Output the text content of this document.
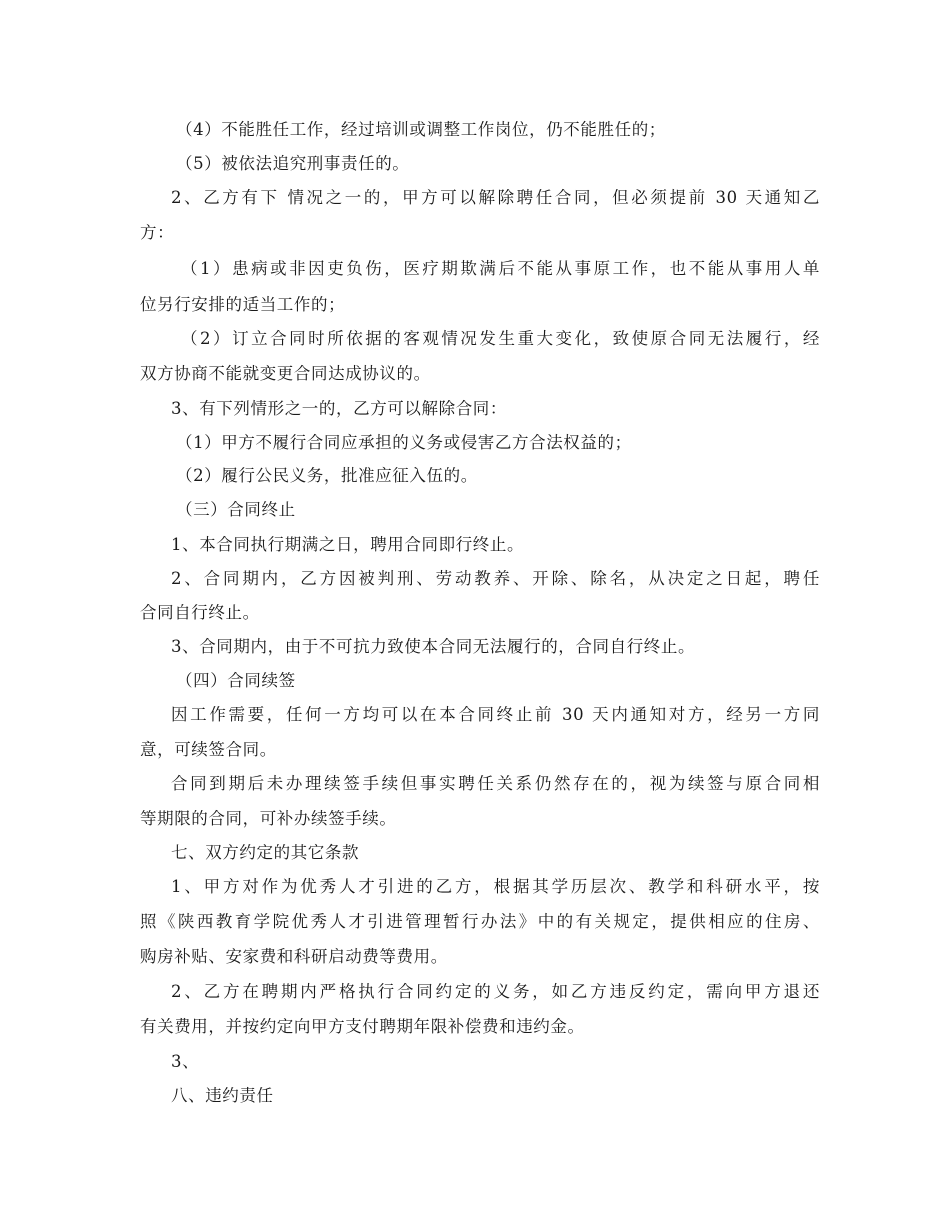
（4）不能胜任工作，经过培训或调整工作岗位，仍不能胜任的；
（5）被依法追究刑事责任的。
2、乙方有下 情况之一的，甲方可以解除聘任合同，但必须提前 30 天通知乙
方：
（1）患病或非因吏负伤，医疗期欺满后不能从事原工作，也不能从事用人单
位另行安排的适当工作的；
（2）订立合同时所依据的客观情况发生重大变化，致使原合同无法履行，经
双方协商不能就变更合同达成协议的。
3、有下列情形之一的，乙方可以解除合同：
（1）甲方不履行合同应承担的义务或侵害乙方合法权益的；
（2）履行公民义务，批准应征入伍的。
（三）合同终止
1、本合同执行期满之日，聘用合同即行终止。
2、合同期内，乙方因被判刑、劳动教养、开除、除名，从决定之日起，聘任
合同自行终止。
3、合同期内，由于不可抗力致使本合同无法履行的，合同自行终止。
（四）合同续签
因工作需要，任何一方均可以在本合同终止前 30 天内通知对方，经另一方同
意，可续签合同。
合同到期后未办理续签手续但事实聘任关系仍然存在的，视为续签与原合同相
等期限的合同，可补办续签手续。
七、双方约定的其它条款
1、甲方对作为优秀人才引进的乙方，根据其学历层次、教学和科研水平，按
照《陕西教育学院优秀人才引进管理暂行办法》中的有关规定，提供相应的住房、
购房补贴、安家费和科研启动费等费用。
2、乙方在聘期内严格执行合同约定的义务，如乙方违反约定，需向甲方退还
有关费用，并按约定向甲方支付聘期年限补偿费和违约金。
3、
八、违约责任
